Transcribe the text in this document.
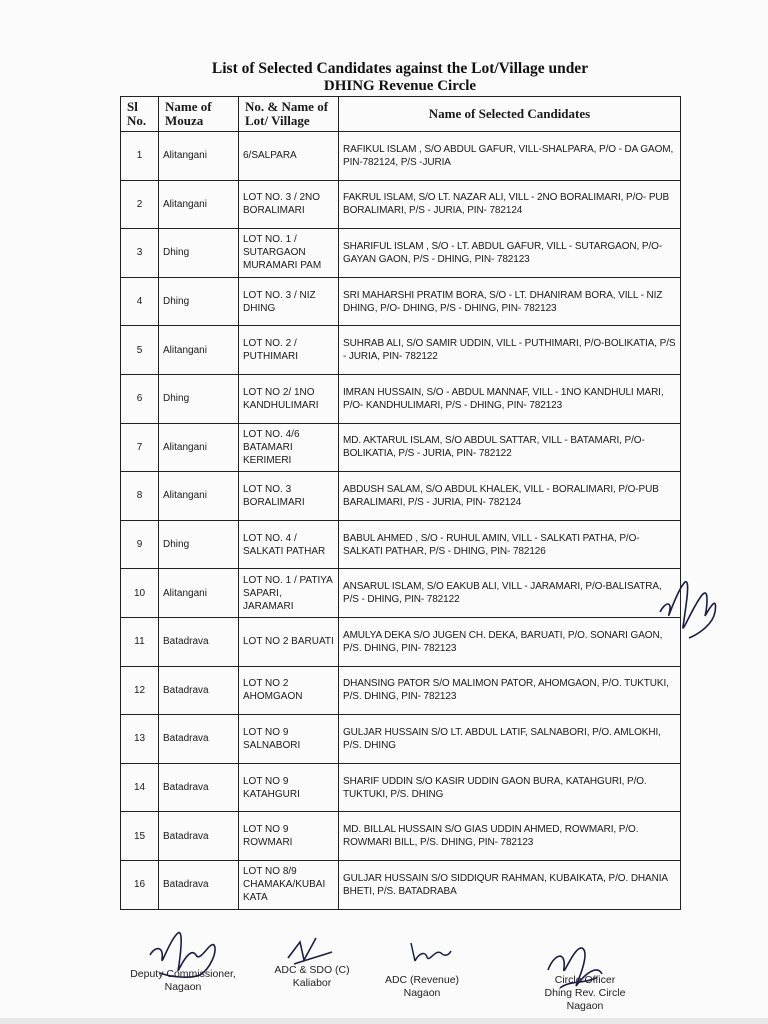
List of Selected Candidates against the Lot/Village under
DHING Revenue Circle
Sl No.	Name of Mouza	No. & Name of Lot/ Village	Name of Selected Candidates
1	Alitangani	6/SALPARA	RAFIKUL ISLAM , S/O ABDUL GAFUR, VILL-SHALPARA, P/O - DA GAOM, PIN-782124, P/S -JURIA
2	Alitangani	LOT NO. 3 / 2NO BORALIMARI	FAKRUL ISLAM, S/O LT. NAZAR ALI, VILL - 2NO BORALIMARI, P/O- PUB BORALIMARI, P/S - JURIA, PIN- 782124
3	Dhing	LOT NO. 1 / SUTARGAON MURAMARI PAM	SHARIFUL ISLAM , S/O - LT. ABDUL GAFUR, VILL - SUTARGAON, P/O-GAYAN GAON, P/S - DHING, PIN- 782123
4	Dhing	LOT NO. 3 / NIZ DHING	SRI MAHARSHI PRATIM BORA, S/O - LT. DHANIRAM BORA, VILL - NIZ DHING, P/O- DHING, P/S - DHING, PIN- 782123
5	Alitangani	LOT NO. 2 / PUTHIMARI	SUHRAB ALI, S/O SAMIR UDDIN, VILL - PUTHIMARI, P/O-BOLIKATIA, P/S - JURIA, PIN- 782122
6	Dhing	LOT NO 2/ 1NO KANDHULIMARI	IMRAN HUSSAIN, S/O - ABDUL MANNAF, VILL - 1NO KANDHULI MARI, P/O- KANDHULIMARI, P/S - DHING, PIN- 782123
7	Alitangani	LOT NO. 4/6 BATAMARI KERIMERI	MD. AKTARUL ISLAM, S/O ABDUL SATTAR, VILL - BATAMARI, P/O- BOLIKATIA, P/S - JURIA, PIN- 782122
8	Alitangani	LOT NO. 3 BORALIMARI	ABDUSH SALAM, S/O ABDUL KHALEK, VILL - BORALIMARI, P/O-PUB BARALIMARI, P/S - JURIA, PIN- 782124
9	Dhing	LOT NO. 4 / SALKATI PATHAR	BABUL AHMED , S/O - RUHUL AMIN, VILL - SALKATI PATHA, P/O-SALKATI PATHAR, P/S - DHING, PIN- 782126
10	Alitangani	LOT NO. 1 / PATIYA SAPARI, JARAMARI	ANSARUL ISLAM, S/O EAKUB ALI, VILL - JARAMARI, P/O-BALISATRA, P/S - DHING, PIN- 782122
11	Batadrava	LOT NO 2 BARUATI	AMULYA DEKA S/O JUGEN CH. DEKA, BARUATI, P/O. SONARI GAON, P/S. DHING, PIN- 782123
12	Batadrava	LOT NO 2 AHOMGAON	DHANSING PATOR S/O MALIMON PATOR, AHOMGAON, P/O. TUKTUKI, P/S. DHING, PIN- 782123
13	Batadrava	LOT NO 9 SALNABORI	GULJAR HUSSAIN S/O LT. ABDUL LATIF, SALNABORI, P/O. AMLOKHI, P/S. DHING
14	Batadrava	LOT NO 9 KATAHGURI	SHARIF UDDIN S/O KASIR UDDIN GAON BURA, KATAHGURI, P/O. TUKTUKI, P/S. DHING
15	Batadrava	LOT NO 9 ROWMARI	MD. BILLAL HUSSAIN S/O GIAS UDDIN AHMED, ROWMARI, P/O. ROWMARI BILL, P/S. DHING, PIN- 782123
16	Batadrava	LOT NO 8/9 CHAMAKA/KUBAI KATA	GULJAR HUSSAIN S/O SIDDIQUR RAHMAN, KUBAIKATA, P/O. DHANIA BHETI, P/S. BATADRABA
Deputy Commissioner,
Nagaon
ADC & SDO (C)
Kaliabor	ADC (Revenue)
Nagaon
Circle Officer
Dhing Rev. Circle
Nagaon
